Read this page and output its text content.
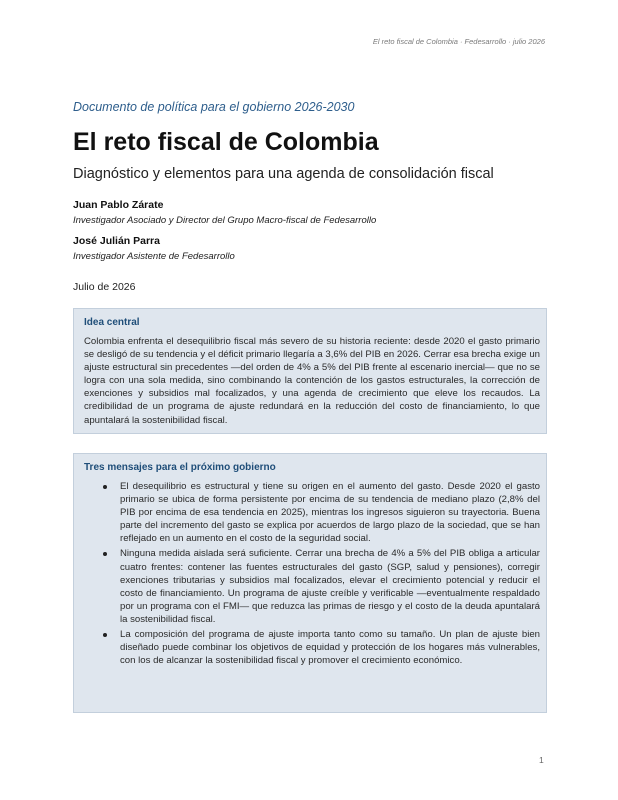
El reto fiscal de Colombia · Fedesarrollo · julio 2026
Documento de política para el gobierno 2026-2030
El reto fiscal de Colombia
Diagnóstico y elementos para una agenda de consolidación fiscal
Juan Pablo Zárate
Investigador Asociado y Director del Grupo Macro-fiscal de Fedesarrollo
José Julián Parra
Investigador Asistente de Fedesarrollo
Julio de 2026
Idea central
Colombia enfrenta el desequilibrio fiscal más severo de su historia reciente: desde 2020 el gasto primario se desligó de su tendencia y el déficit primario llegaría a 3,6% del PIB en 2026. Cerrar esa brecha exige un ajuste estructural sin precedentes —del orden de 4% a 5% del PIB frente al escenario inercial— que no se logra con una sola medida, sino combinando la contención de los gastos estructurales, la corrección de exenciones y subsidios mal focalizados, y una agenda de crecimiento que eleve los recaudos. La credibilidad de un programa de ajuste redundará en la reducción del costo de financiamiento, lo que apuntalará la sostenibilidad fiscal.
Tres mensajes para el próximo gobierno
El desequilibrio es estructural y tiene su origen en el aumento del gasto. Desde 2020 el gasto primario se ubica de forma persistente por encima de su tendencia de mediano plazo (2,8% del PIB por encima de esa tendencia en 2025), mientras los ingresos siguieron su trayectoria. Buena parte del incremento del gasto se explica por acuerdos de largo plazo de la sociedad, que se han reflejado en un aumento en el costo de la seguridad social.
Ninguna medida aislada será suficiente. Cerrar una brecha de 4% a 5% del PIB obliga a articular cuatro frentes: contener las fuentes estructurales del gasto (SGP, salud y pensiones), corregir exenciones tributarias y subsidios mal focalizados, elevar el crecimiento potencial y reducir el costo de financiamiento. Un programa de ajuste creíble y verificable —eventualmente respaldado por un programa con el FMI— que reduzca las primas de riesgo y el costo de la deuda apuntalará la sostenibilidad fiscal.
La composición del programa de ajuste importa tanto como su tamaño. Un plan de ajuste bien diseñado puede combinar los objetivos de equidad y protección de los hogares más vulnerables, con los de alcanzar la sostenibilidad fiscal y promover el crecimiento económico.
1
